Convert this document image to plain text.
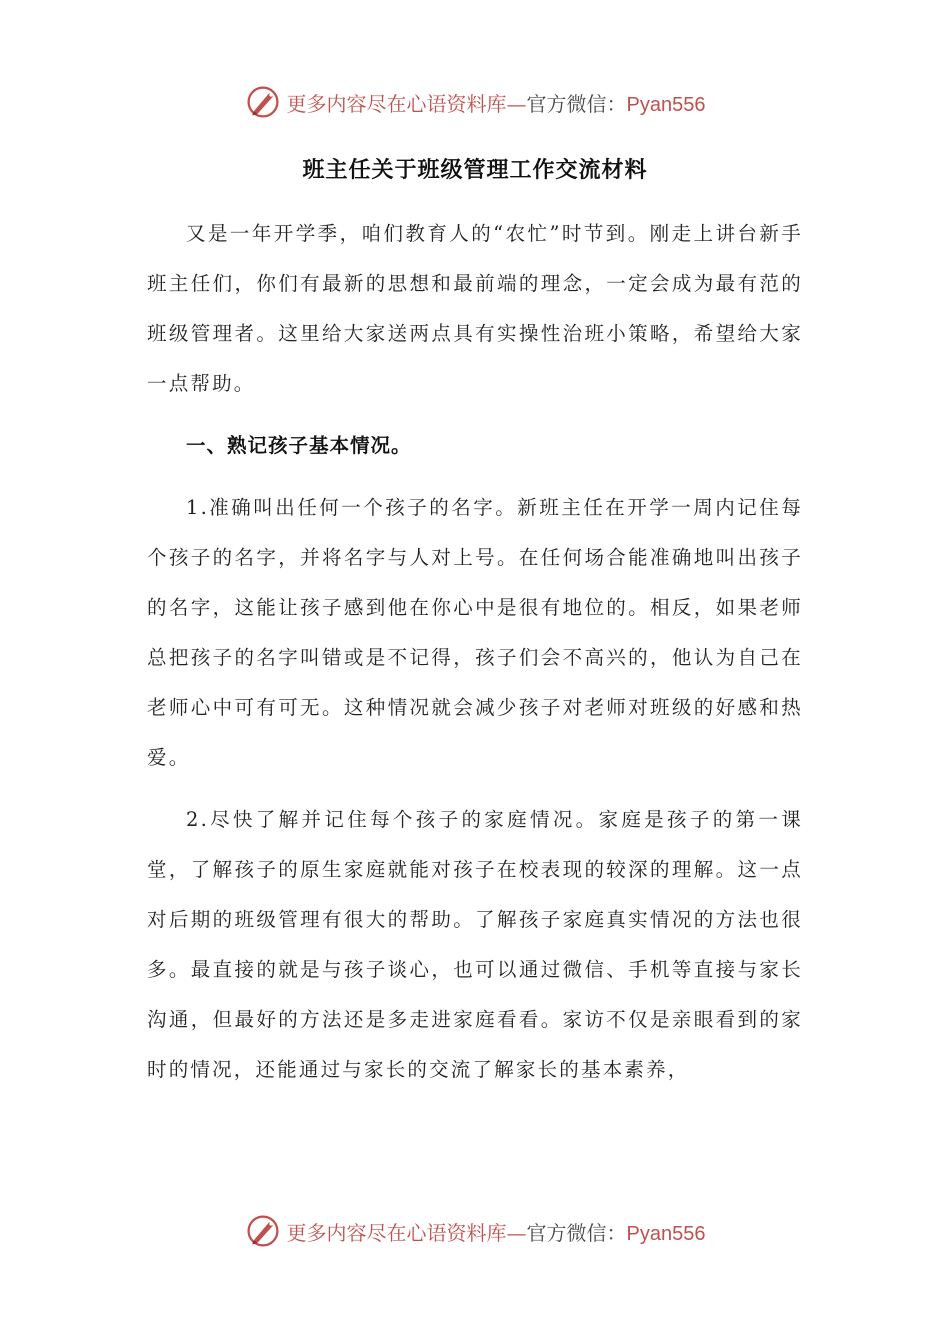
更多内容尽在心语资料库—官方微信：Pyan556
班主任关于班级管理工作交流材料

又是一年开学季，咱们教育人的“农忙”时节到。刚走上讲台新手班主任们，你们有最新的思想和最前端的理念，一定会成为最有范的班级管理者。这里给大家送两点具有实操性治班小策略，希望给大家一点帮助。

一、熟记孩子基本情况。

1.准确叫出任何一个孩子的名字。新班主任在开学一周内记住每个孩子的名字，并将名字与人对上号。在任何场合能准确地叫出孩子的名字，这能让孩子感到他在你心中是很有地位的。相反，如果老师总把孩子的名字叫错或是不记得，孩子们会不高兴的，他认为自己在老师心中可有可无。这种情况就会减少孩子对老师对班级的好感和热爱。

2.尽快了解并记住每个孩子的家庭情况。家庭是孩子的第一课堂，了解孩子的原生家庭就能对孩子在校表现的较深的理解。这一点对后期的班级管理有很大的帮助。了解孩子家庭真实情况的方法也很多。最直接的就是与孩子谈心，也可以通过微信、手机等直接与家长沟通，但最好的方法还是多走进家庭看看。家访不仅是亲眼看到的家时的情况，还能通过与家长的交流了解家长的基本素养，

更多内容尽在心语资料库—官方微信：Pyan556
